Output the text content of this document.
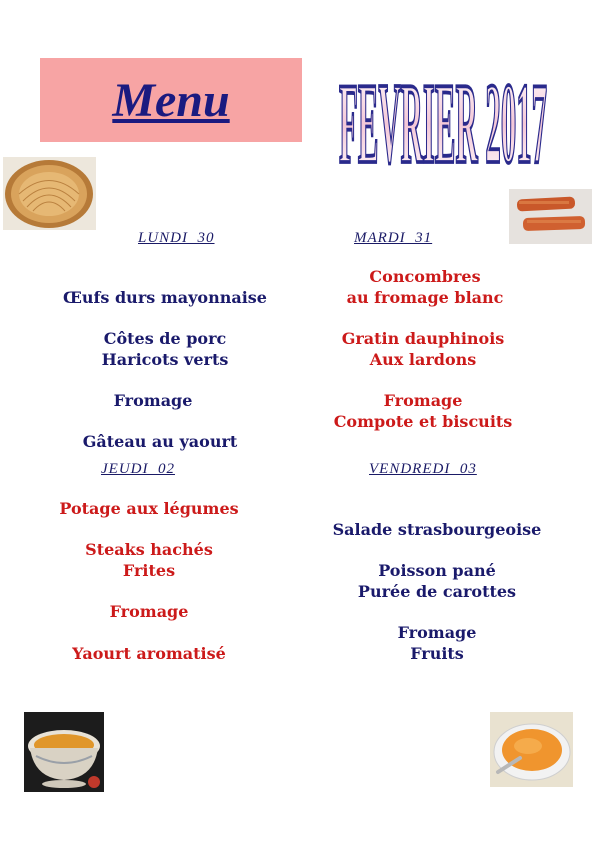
Menu FEVRIER 2017
LUNDI  30	MARDI  31
JEUDI  02	VENDREDI  03
Œufs durs mayonnaise
Côtes de porc
Haricots verts
Fromage
Gâteau au yaourt
Concombres
au fromage blanc
Gratin dauphinois
Aux lardons
Fromage
Compote et biscuits
Potage aux légumes
Steaks hachés
Frites
Fromage
Yaourt aromatisé
Salade strasbourgeoise
Poisson pané
Purée de carottes
Fromage
Fruits
